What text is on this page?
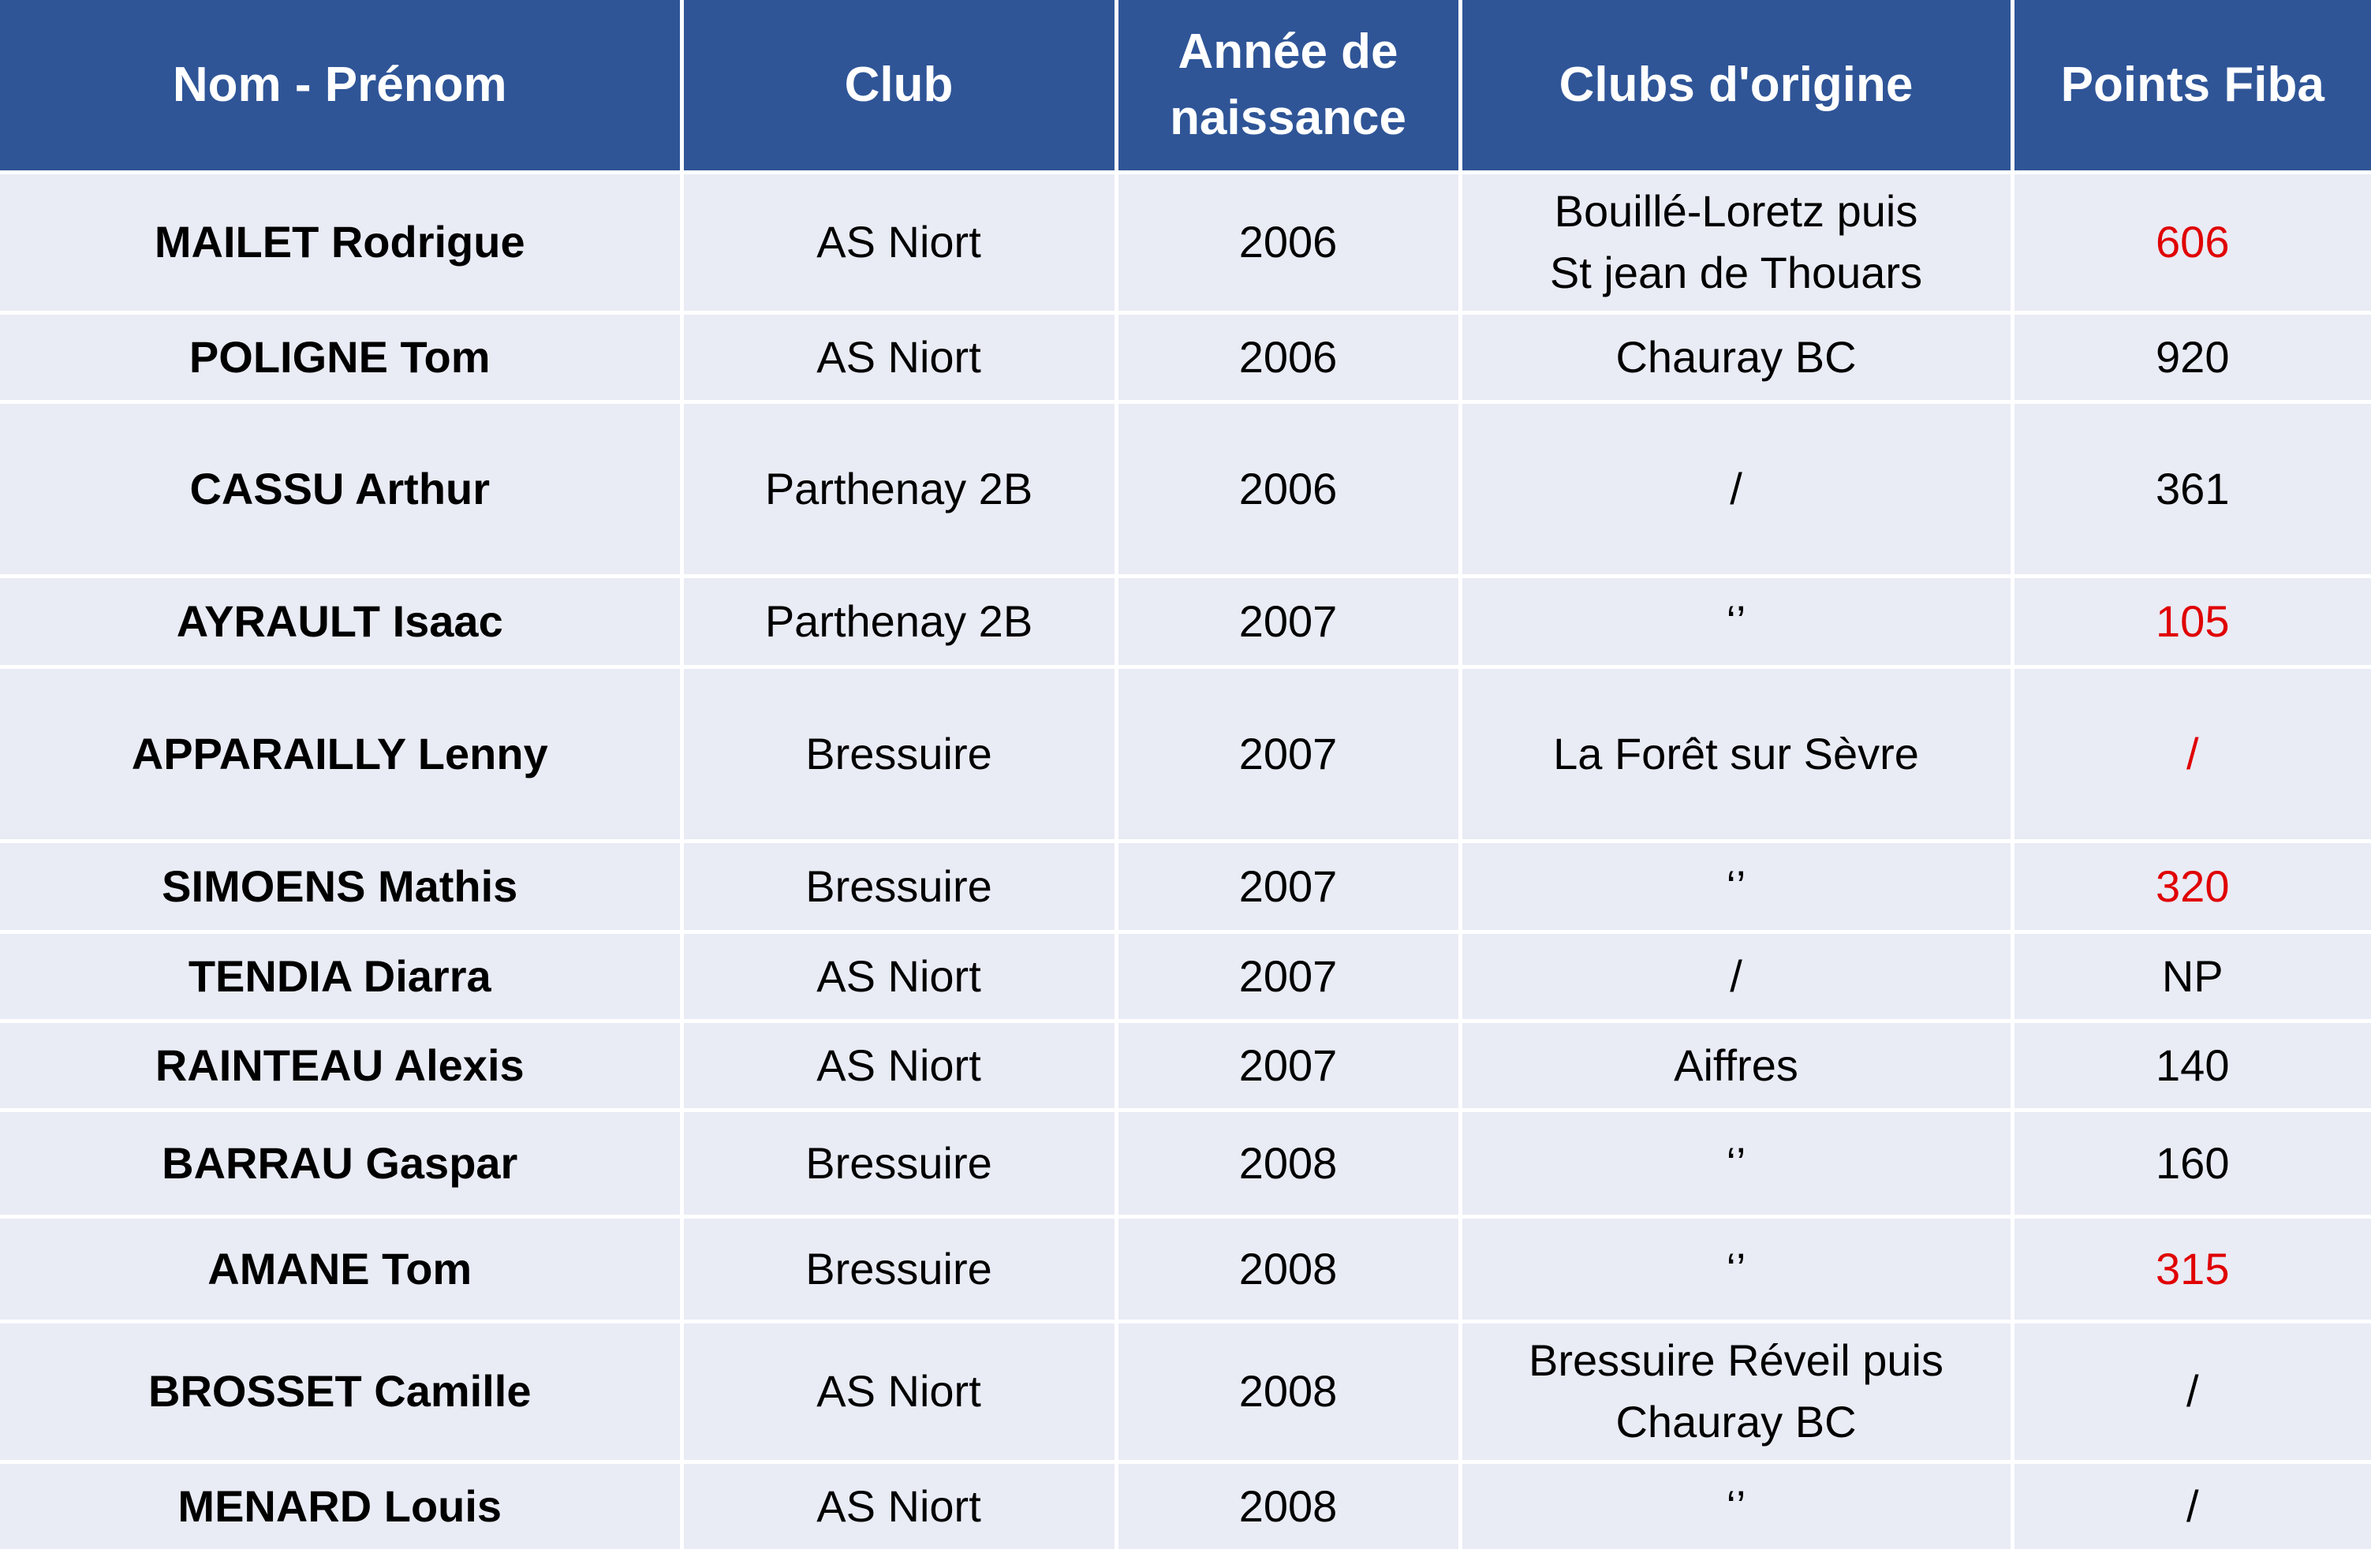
Nom - Prénom	Club	Année de
naissance	Clubs d'origine	Points Fiba
MAILET Rodrigue	AS Niort	2006	Bouillé-Loretz puis
St jean de Thouars	606
POLIGNE Tom	AS Niort	2006	Chauray BC	920
CASSU Arthur	Parthenay 2B	2006	/	361
AYRAULT Isaac	Parthenay 2B	2007	‘’	105
APPARAILLY Lenny	Bressuire	2007	La Forêt sur Sèvre	/
SIMOENS Mathis	Bressuire	2007	‘’	320
TENDIA Diarra	AS Niort	2007	/	NP
RAINTEAU Alexis	AS Niort	2007	Aiffres	140
BARRAU Gaspar	Bressuire	2008	‘’	160
AMANE Tom	Bressuire	2008	‘’	315
BROSSET Camille	AS Niort	2008	Bressuire Réveil puis
Chauray BC	/
MENARD Louis	AS Niort	2008	‘’	/
